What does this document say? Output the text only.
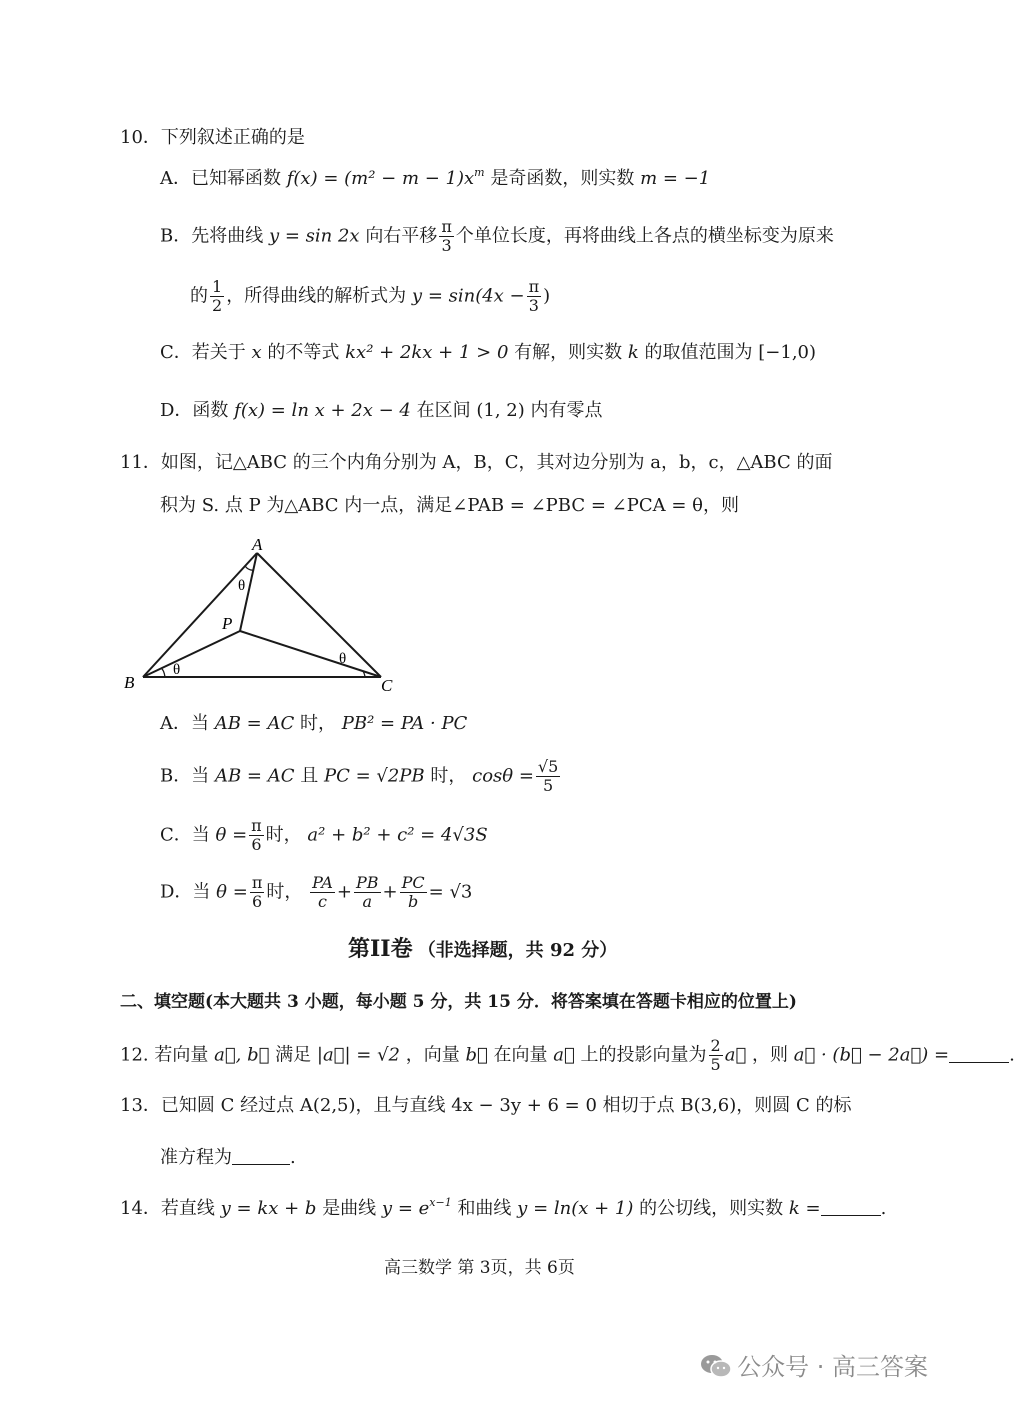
10．下列叙述正确的是
A．已知幂函数 $f(x) = (m^2 - m - 1)x^m$ 是奇函数，则实数 m = −1
B．先将曲线 y = sin 2x 向右平移 $\frac{\pi}{3}$ 个单位长度，再将曲线上各点的横坐标变为原来
的 $\frac{1}{2}$ ，所得曲线的解析式为 $y = \sin(4x - \frac{\pi}{3}$ )
C．若关于 x 的不等式 kx² + 2kx + 1 > 0 有解，则实数 k 的取值范围为 [−1,0)
D．函数 f(x) = ln x + 2x − 4 在区间 (1, 2) 内有零点
11．如图，记△ABC 的三个内角分别为 A，B，C，其对边分别为 a，b，c，△ABC 的面
积为 S. 点 P 为△ABC 内一点，满足∠PAB = ∠PBC = ∠PCA = θ，则
A
B	C
P
θ
θ
θ
A．当 AB = AC 时， PB² = PA · PC
B．当 AB = AC 且 PC = √2PB 时， $\cos\theta = \frac{√5}{5}$
C．当 $\theta = \frac{\pi}{6}$ 时， a² + b² + c² = 4√3S
D．当 $\theta = \frac{\pi}{6}$ 时， $\frac{PA}{c} + \frac{PB}{a} + \frac{PC}{b} = √3$
第II卷 （非选择题，共 92 分）
二、填空题(本大题共 3 小题，每小题 5 分，共 15 分．将答案填在答题卡相应的位置上)
12. 若向量 a⃗, b⃗ 满足 |a⃗| = √2 ，向量 b⃗ 在向量 a⃗ 上的投影向量为 $\frac{2}{5}$ a⃗ ，则 a⃗ · (b⃗ − 2a⃗) =	.
13．已知圆 C 经过点 A(2,5)，且与直线 4x − 3y + 6 = 0 相切于点 B(3,6)，则圆 C 的标
准方程为	.
14．若直线 y = kx + b 是曲线 $y = e^{x-1}$ 和曲线 y = ln(x + 1) 的公切线，则实数 k =	.
高三数学 第 3页，共 6页
公众号 · 高三答案
